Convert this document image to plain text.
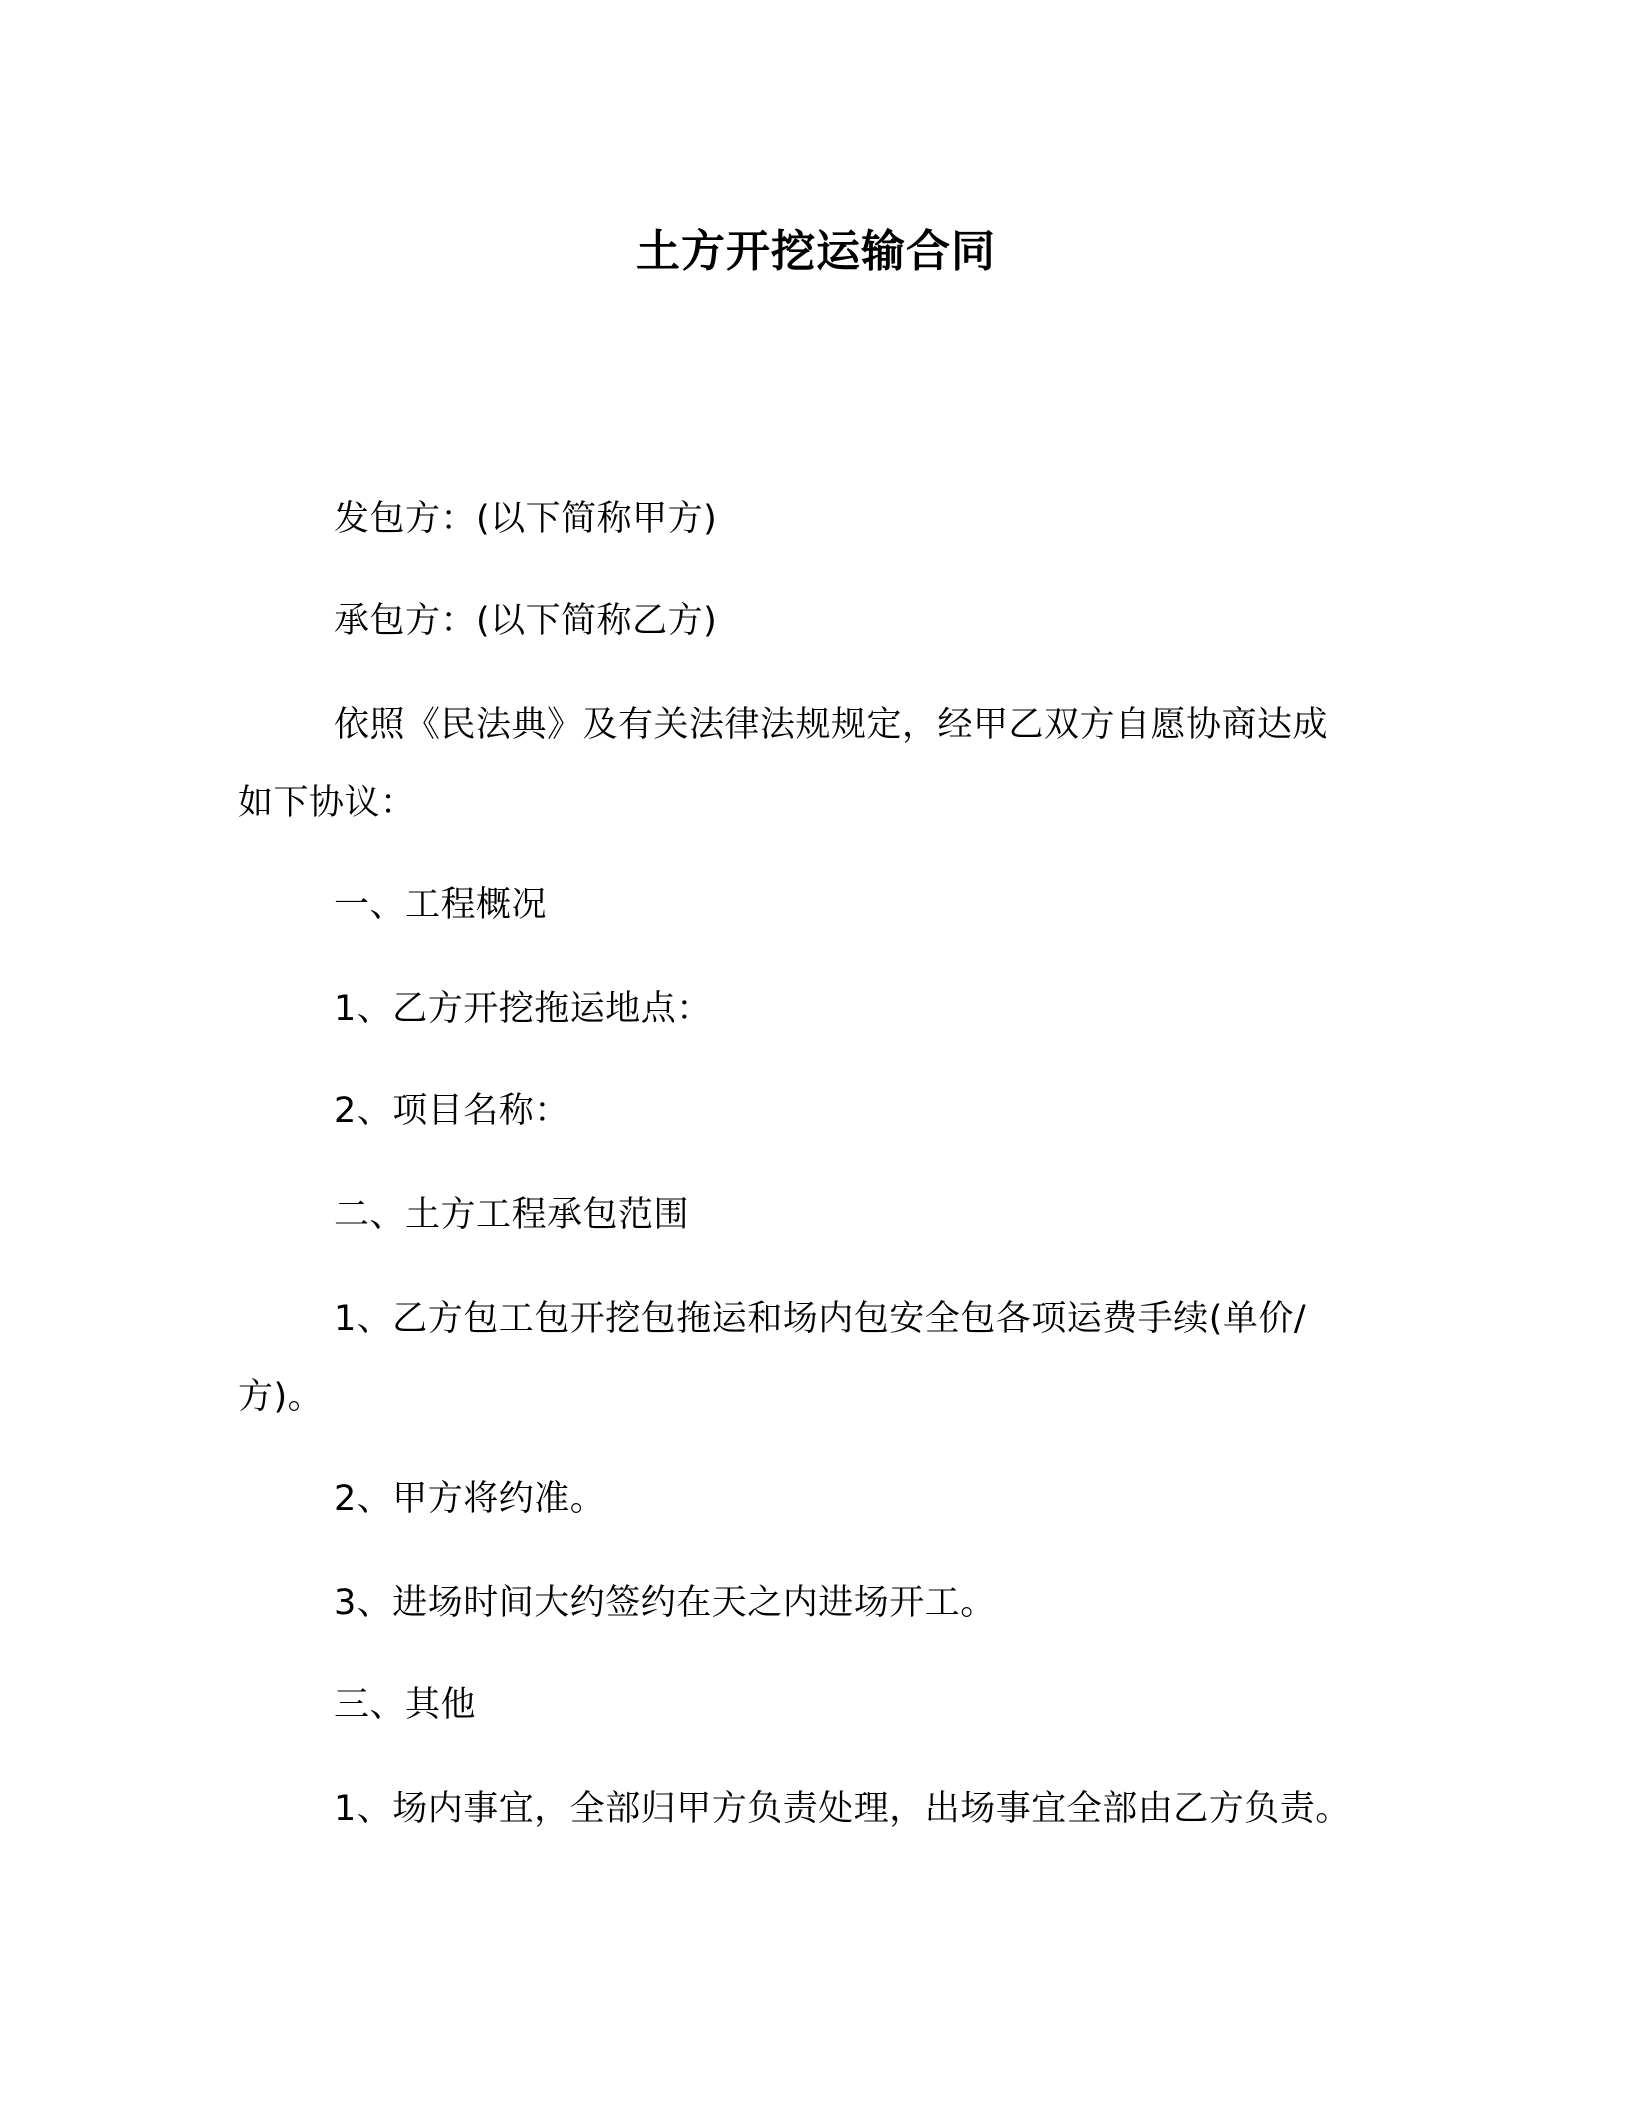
土方开挖运输合同
发包方：(以下简称甲方)
承包方：(以下简称乙方)
依照《民法典》及有关法律法规规定，经甲乙双方自愿协商达成
如下协议：
一、工程概况
1、乙方开挖拖运地点：
2、项目名称：
二、土方工程承包范围
1、乙方包工包开挖包拖运和场内包安全包各项运费手续(单价/
方)。
2、甲方将约准。
3、进场时间大约签约在天之内进场开工。
三、其他
1、场内事宜，全部归甲方负责处理，出场事宜全部由乙方负责。
